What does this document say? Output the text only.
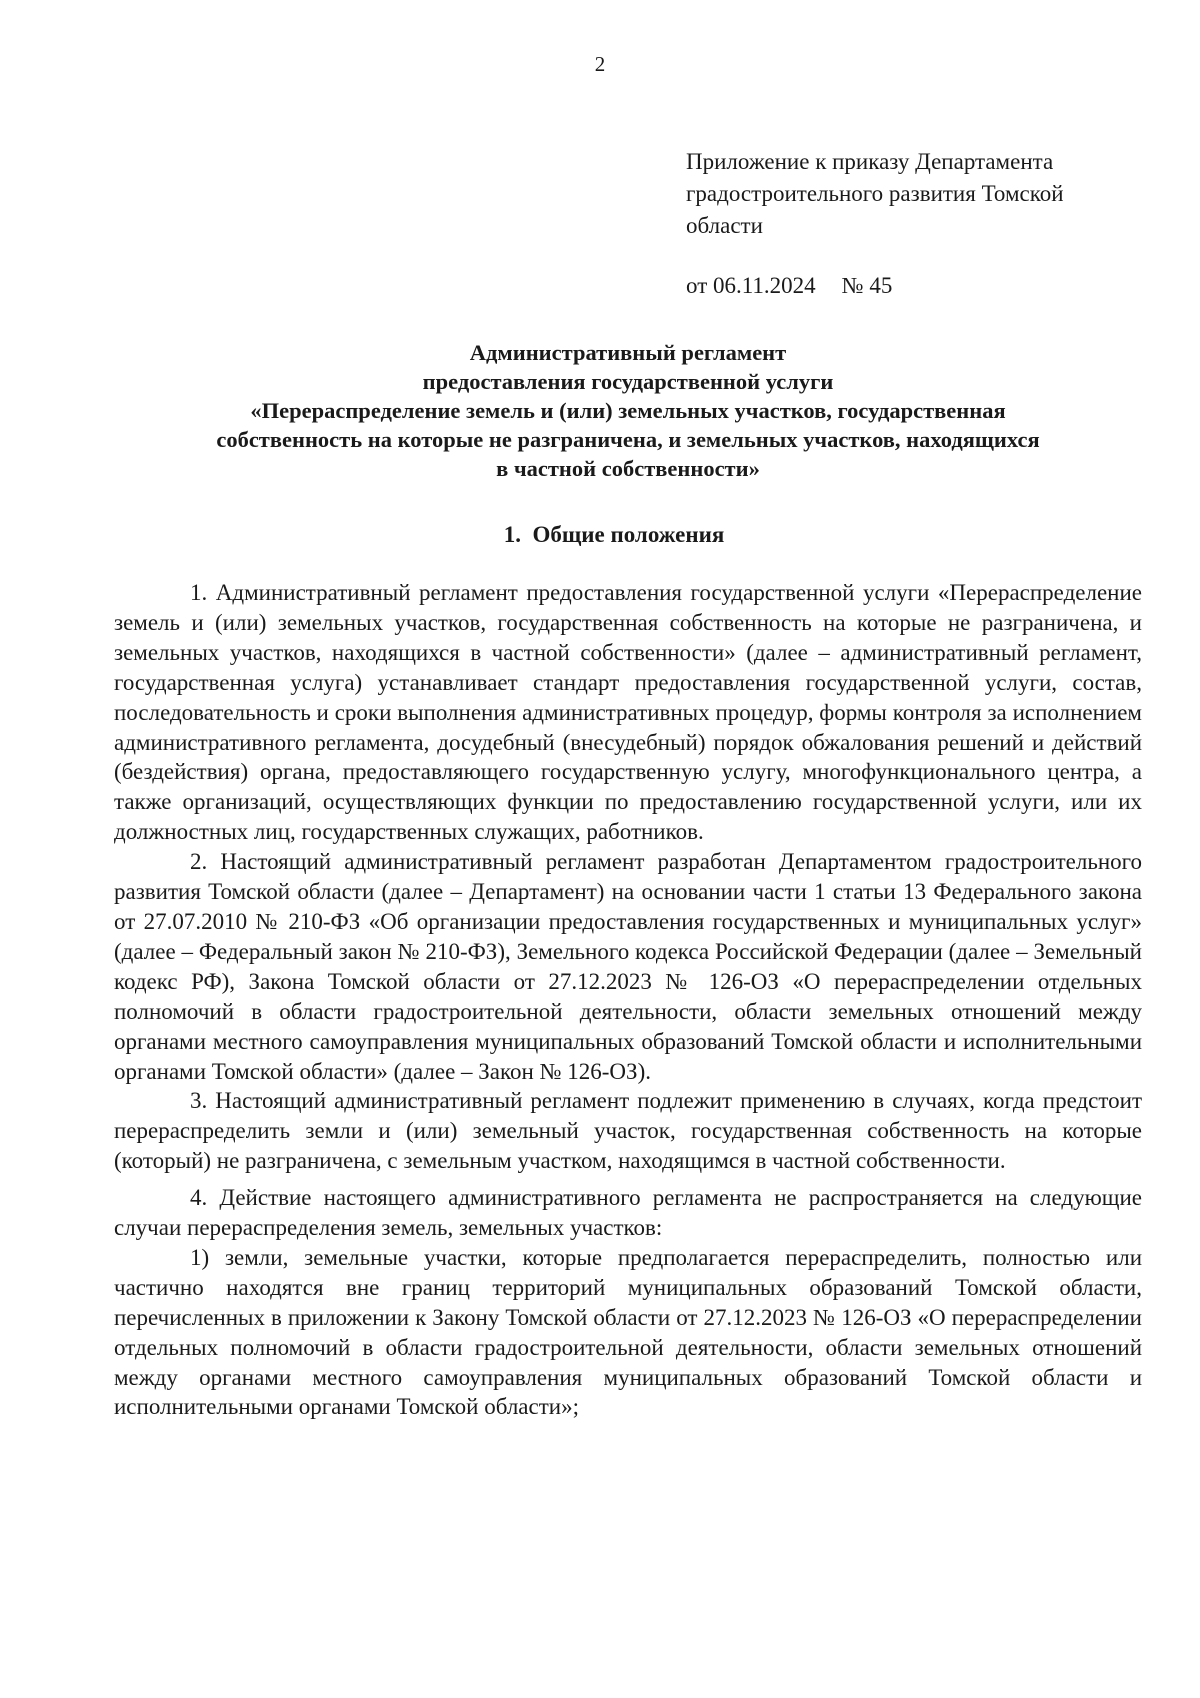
2
Приложение к приказу Департамента
градостроительного развития Томской
области
от 06.11.2024 № 45
Административный регламент
предоставления государственной услуги
«Перераспределение земель и (или) земельных участков, государственная
собственность на которые не разграничена, и земельных участков, находящихся
в частной собственности»
1. Общие положения

1. Административный регламент предоставления государственной услуги «Перераспределение земель и (или) земельных участков, государственная собственность на которые не разграничена, и земельных участков, находящихся в частной собственности» (далее – административный регламент, государственная услуга) устанавливает стандарт предоставления государственной услуги, состав, последовательность и сроки выполнения административных процедур, формы контроля за исполнением административного регламента, досудебный (внесудебный) порядок обжалования решений и действий (бездействия) органа, предоставляющего государственную услугу, многофункционального центра, а также организаций, осуществляющих функции по предоставлению государственной услуги, или их должностных лиц, государственных служащих, работников.

2. Настоящий административный регламент разработан Департаментом градостроительного развития Томской области (далее – Департамент) на основании части 1 статьи 13 Федерального закона от 27.07.2010 № 210-ФЗ «Об организации предоставления государственных и муниципальных услуг» (далее – Федеральный закон № 210-ФЗ), Земельного кодекса Российской Федерации (далее – Земельный кодекс РФ), Закона Томской области от 27.12.2023 № 126-ОЗ «О перераспределении отдельных полномочий в области градостроительной деятельности, области земельных отношений между органами местного самоуправления муниципальных образований Томской области и исполнительными органами Томской области» (далее – Закон № 126-ОЗ).

3. Настоящий административный регламент подлежит применению в случаях, когда предстоит перераспределить земли и (или) земельный участок, государственная собственность на которые (который) не разграничена, с земельным участком, находящимся в частной собственности.

4. Действие настоящего административного регламента не распространяется на следующие случаи перераспределения земель, земельных участков:

1) земли, земельные участки, которые предполагается перераспределить, полностью или частично находятся вне границ территорий муниципальных образований Томской области, перечисленных в приложении к Закону Томской области от 27.12.2023 № 126-ОЗ «О перераспределении отдельных полномочий в области градостроительной деятельности, области земельных отношений между органами местного самоуправления муниципальных образований Томской области и исполнительными органами Томской области»;
